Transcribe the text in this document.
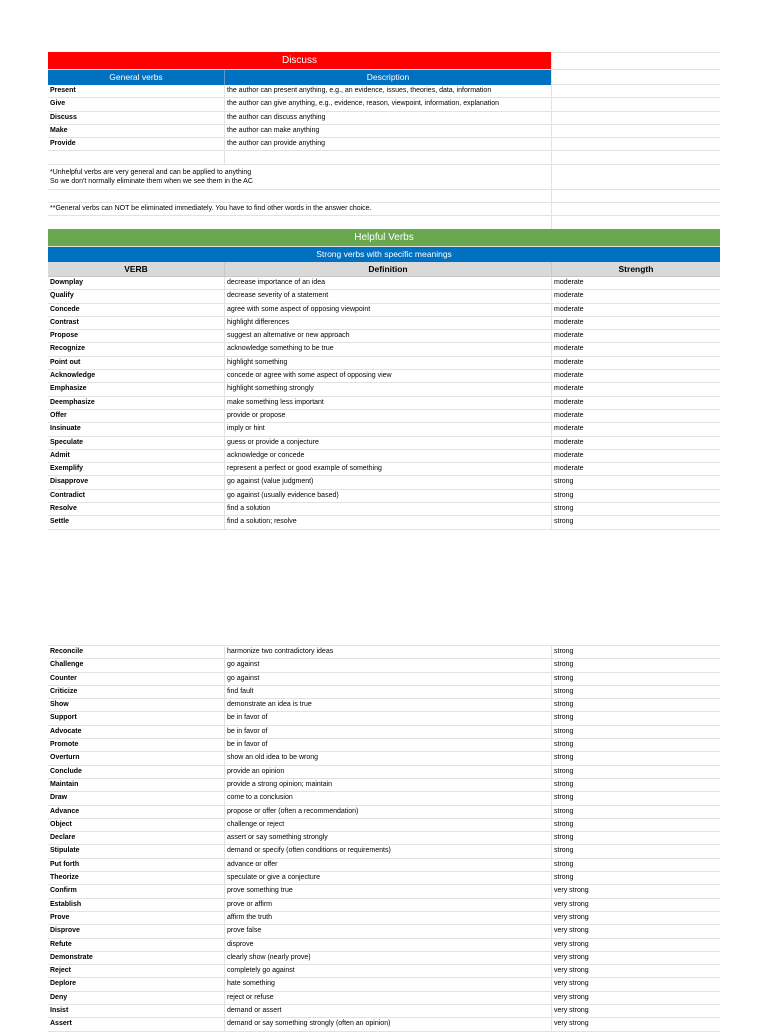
Discuss
General verbs	Description
Present	the author can present anything, e.g., an evidence, issues, theories, data, information
Give	the author can give anything, e.g., evidence, reason, viewpoint, information, explanation
Discuss	the author can discuss anything
Make	the author can make anything
Provide	the author can provide anything
*Unhelpful verbs are very general and can be applied to anything
So we don't normally eliminate them when we see them in the AC
**General verbs can NOT be eliminated immediately. You have to find other words in the answer choice.
Helpful Verbs
Strong verbs with specific meanings
VERB	Definition	Strength
Downplay	decrease importance of an idea	moderate
Qualify	decrease severity of a statement	moderate
Concede	agree with some aspect of opposing viewpoint	moderate
Contrast	highlight differences	moderate
Propose	suggest an alternative or new approach	moderate
Recognize	acknowledge something to be true	moderate
Point out	highlight something	moderate
Acknowledge	concede or agree with some aspect of opposing view	moderate
Emphasize	highlight something strongly	moderate
Deemphasize	make something less important	moderate
Offer	provide or propose	moderate
Insinuate	imply or hint	moderate
Speculate	guess or provide a conjecture	moderate
Admit	acknowledge or concede	moderate
Exemplify	represent a perfect or good example of something	moderate
Disapprove	go against (value judgment)	strong
Contradict	go against (usually evidence based)	strong
Resolve	find a solution	strong
Settle	find a solution; resolve	strong
Reconcile	harmonize two contradictory ideas	strong
Challenge	go against	strong
Counter	go against	strong
Criticize	find fault	strong
Show	demonstrate an idea is true	strong
Support	be in favor of	strong
Advocate	be in favor of	strong
Promote	be in favor of	strong
Overturn	show an old idea to be wrong	strong
Conclude	provide an opinion	strong
Maintain	provide a strong opinion; maintain	strong
Draw	come to a conclusion	strong
Advance	propose or offer (often a recommendation)	strong
Object	challenge or reject	strong
Declare	assert or say something strongly	strong
Stipulate	demand or specify (often conditions or requirements)	strong
Put forth	advance or offer	strong
Theorize	speculate or give a conjecture	strong
Confirm	prove something true	very strong
Establish	prove or affirm	very strong
Prove	affirm the truth	very strong
Disprove	prove false	very strong
Refute	disprove	very strong
Demonstrate	clearly show (nearly prove)	very strong
Reject	completely go against	very strong
Deplore	hate something	very strong
Deny	reject or refuse	very strong
Insist	demand or assert	very strong
Assert	demand or say something strongly (often an opinion)	very strong
